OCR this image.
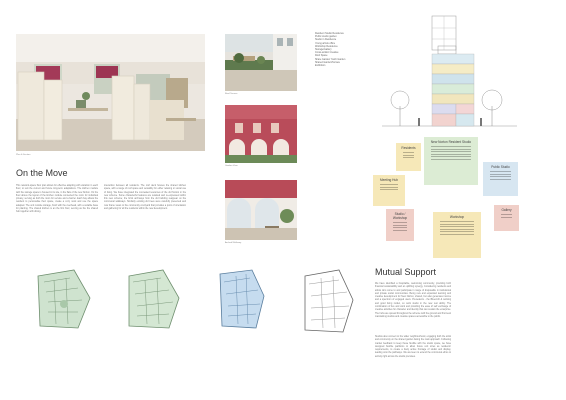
Plan & Section
On the Move
This network-space floor plan allows for effective adapting with variation in each floor, to suit the current and future long-term adaptations. The kitchen module with the storage space is housed in its site, in the flats of the new Norton. On the floor above the layout of the kitchen module connected the room for individual privacy, serving as both the room for service and a barrier. Each bay allows the resident to personalise their space, create a cozy nook and use the space adapted. The unit module storage, flush with the overhead, with a suitable base for planting. The shared kitchen is an the first floor, serving as the the shared hub together with dining.
interaction between all residents. The roof deck houses the shared kitchen space, with a range of roof space and versatility for either relaxing or social use of living. We have integrated the concealed resources of the old Norton in the new scheme. Some characterful features are retained and re-expressed within this new scheme; the brick archways from the old building reappear on the communal walkways. Similarly existing old trees were carefully preserved and now frame views to the community courtyard that provides a point of orientation and gathering for all the residents within the new development.
Roof Terrace
Garden View
Arched Walkway
Resident Studio Residence
Public studio garden
Studio in Residence
Young artists office
Workshop Residence
Storage/Gallery
Cross-artistic Creative
Roof Space
Share Garden Youth Garden
Shared Garden/Terrace
Exhibition
Residents
New Norton Resident Studio
Public Studio
Meeting Hub
Studio / Workshop	Workshop
Gallery
Mutual Support
We have identified a hospitable, welcoming community, providing both financial sustainability and an uplifting synergy. Considering residents and artists who come to and participate in range of disposable in institutional and private social communities. Being new and expanded learning and creative development for New Norton, shared, but also generates income and a spectrum of engaged users. Precedents - the Bluecroft & working and good living model, so work studio in the new rest ability. The combination of live and work and providing the ease of self exchange of creative activities for character and identity that can sustain the enterprise. The hubs are spread throughout the scheme with the ground and first level maintaining studios and creative spaces accessible to the public.
Studios also connect to the wider neighbourhood, engaging both the artist and community on the shared garden facing the main approach. Following market feedback to keep these flexible with the studio space, we have designed flexible partitions to allow future unit sizes as residents' requirements, to create a lively active frontage of studio and display, leading onto the pathways. We are keen to extend the communal ethos to activity right across the studio premises.
